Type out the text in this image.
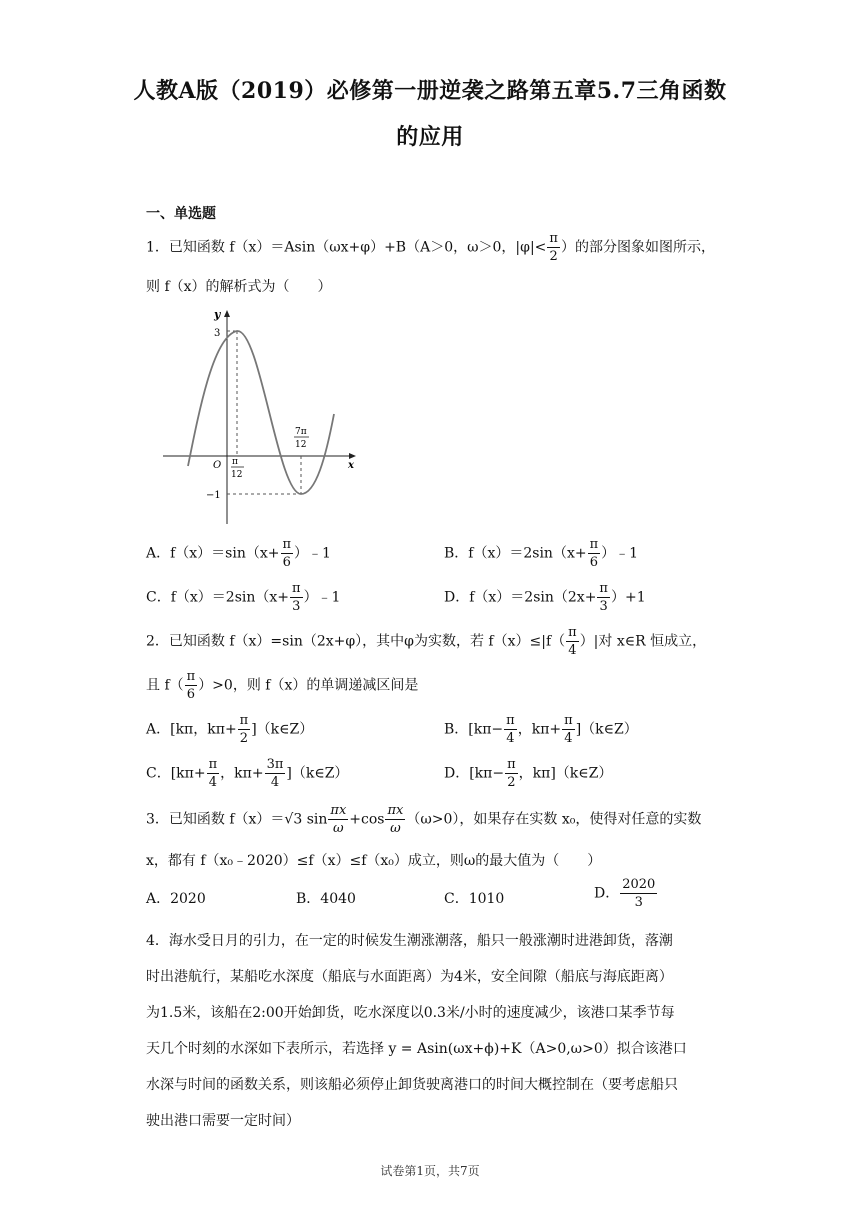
人教A版（2019）必修第一册逆袭之路第五章5.7三角函数
的应用
一、单选题
1．已知函数 f（x）＝Asin（ωx+φ）+B（A＞0，ω＞0，$|\varphi|< \frac{\pi}{2}$ ）的部分图象如图所示，
则 f（x）的解析式为（　　）
y
x
O
3
−1
π
12
7π
12
A．$f(x)=\sin(x+ \frac{\pi}{6}$ ）﹣1	B．$f(x)=2\sin(x+ \frac{\pi}{6}$ ）﹣1
C．$f(x)=2\sin(x+ \frac{\pi}{3}$ ）﹣1	D．$f(x)=2\sin(2x+ \frac{\pi}{3} )+1$
2．已知函数 f（x）=sin（2x+φ），其中φ为实数，若 $f(x)\le|f( \frac{\pi}{4}$ ）|对 x∈R 恒成立，
且 $f( \frac{\pi}{6} )>0$，则 f（x）的单调递减区间是
A．[kπ，$k\pi+ \frac{\pi}{2}$ ]（k∈Z）	B．[$k\pi- \frac{\pi}{4}$ ，$k\pi+ \frac{\pi}{4}$ ]（k∈Z）
C．[$k\pi+ \frac{\pi}{4}$ ，$k\pi+ \frac{3\pi}{4}$ ]（k∈Z）	D．[$k\pi- \frac{\pi}{2}$ ，kπ]（k∈Z）
3．已知函数 f（x）＝√3 $\sin \frac{\pi x}{\omega} +\cos \frac{\pi x}{\omega} (\omega>0)$，如果存在实数 x₀，使得对任意的实数
x，都有 f（x₀﹣2020）≤f（x）≤f（x₀）成立，则ω的最大值为（　　）
A．2020	B．4040	C．1010	D． $\frac{2020}{3}$
4．海水受日月的引力，在一定的时候发生潮涨潮落，船只一般涨潮时进港卸货，落潮
时出港航行，某船吃水深度（船底与水面距离）为4米，安全间隙（船底与海底距离）
为1.5米，该船在2:00开始卸货，吃水深度以0.3米/小时的速度减少，该港口某季节每
天几个时刻的水深如下表所示，若选择 y = Asin(ωx+ϕ)+K（A>0,ω>0）拟合该港口
水深与时间的函数关系，则该船必须停止卸货驶离港口的时间大概控制在（要考虑船只
驶出港口需要一定时间）
试卷第1页，共7页
